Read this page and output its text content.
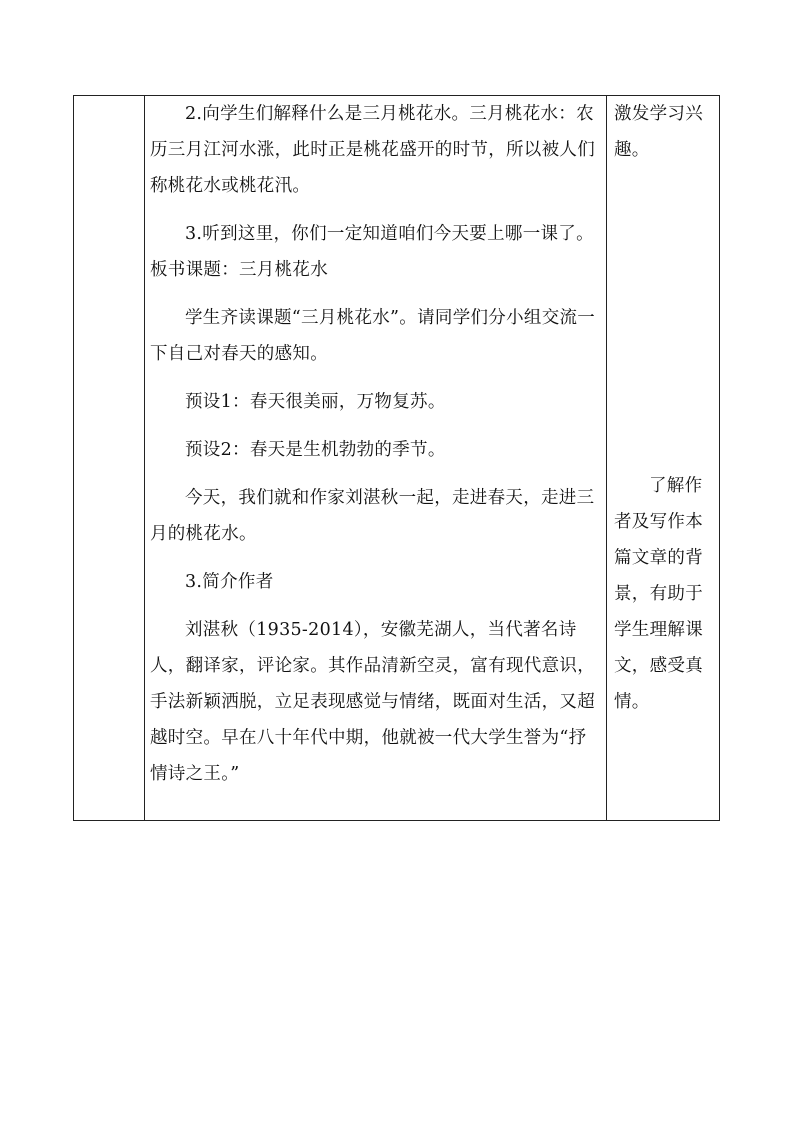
2.向学生们解释什么是三月桃花水。三月桃花水：农历三月江河水涨，此时正是桃花盛开的时节，所以被人们称桃花水或桃花汛。

3.听到这里，你们一定知道咱们今天要上哪一课了。板书课题：三月桃花水

学生齐读课题“三月桃花水”。请同学们分小组交流一下自己对春天的感知。

预设1：春天很美丽，万物复苏。

预设2：春天是生机勃勃的季节。

今天，我们就和作家刘湛秋一起，走进春天，走进三月的桃花水。

3.简介作者

刘湛秋（1935-2014），安徽芜湖人，当代著名诗人，翻译家，评论家。其作品清新空灵，富有现代意识，手法新颖洒脱，立足表现感觉与情绪，既面对生活，又超越时空。早在八十年代中期，他就被一代大学生誉为“抒情诗之王。”

激发学习兴趣。

了解作者及写作本篇文章的背景，有助于学生理解课文，感受真情。
